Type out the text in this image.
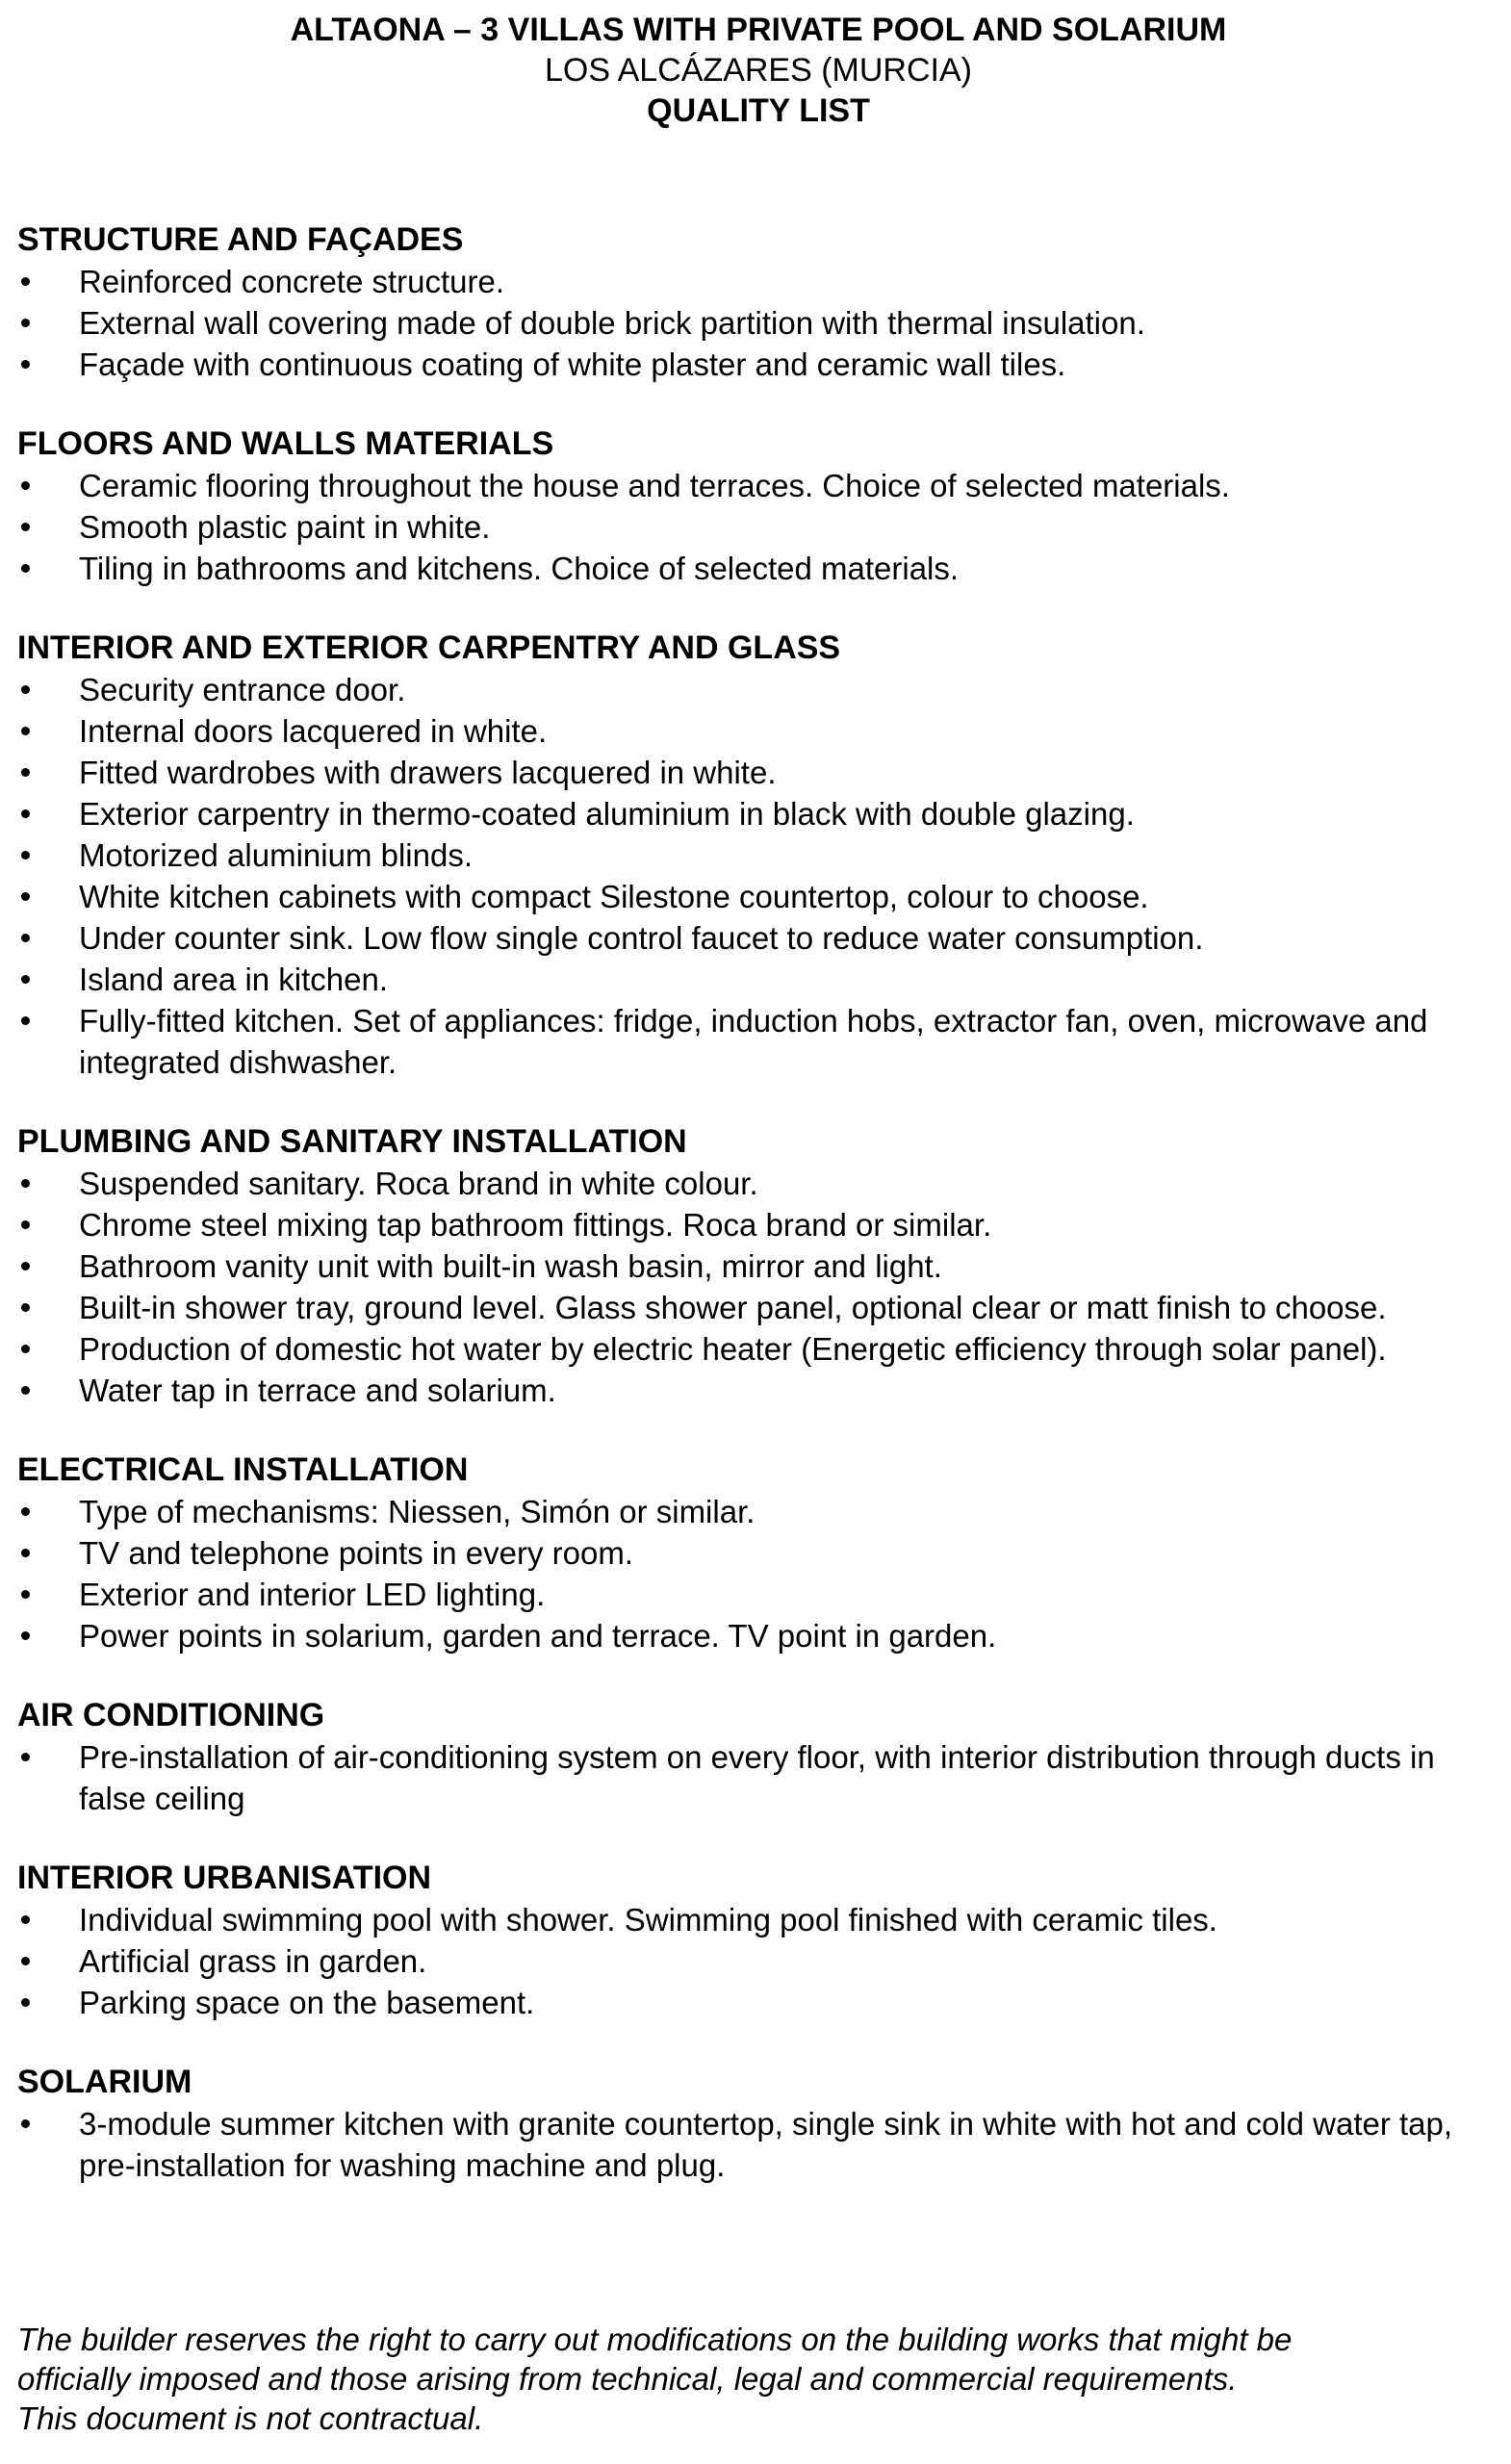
ALTAONA – 3 VILLAS WITH PRIVATE POOL AND SOLARIUM
LOS ALCÁZARES (MURCIA)
QUALITY LIST
STRUCTURE AND FAÇADES
Reinforced concrete structure.
External wall covering made of double brick partition with thermal insulation.
Façade with continuous coating of white plaster and ceramic wall tiles.
FLOORS AND WALLS MATERIALS
Ceramic flooring throughout the house and terraces. Choice of selected materials.
Smooth plastic paint in white.
Tiling in bathrooms and kitchens. Choice of selected materials.
INTERIOR AND EXTERIOR CARPENTRY AND GLASS
Security entrance door.
Internal doors lacquered in white.
Fitted wardrobes with drawers lacquered in white.
Exterior carpentry in thermo-coated aluminium in black with double glazing.
Motorized aluminium blinds.
White kitchen cabinets with compact Silestone countertop, colour to choose.
Under counter sink. Low flow single control faucet to reduce water consumption.
Island area in kitchen.
Fully-fitted kitchen. Set of appliances: fridge, induction hobs, extractor fan, oven, microwave and integrated dishwasher.
PLUMBING AND SANITARY INSTALLATION
Suspended sanitary. Roca brand in white colour.
Chrome steel mixing tap bathroom fittings. Roca brand or similar.
Bathroom vanity unit with built-in wash basin, mirror and light.
Built-in shower tray, ground level. Glass shower panel, optional clear or matt finish to choose.
Production of domestic hot water by electric heater (Energetic efficiency through solar panel).
Water tap in terrace and solarium.
ELECTRICAL INSTALLATION
Type of mechanisms: Niessen, Simón or similar.
TV and telephone points in every room.
Exterior and interior LED lighting.
Power points in solarium, garden and terrace. TV point in garden.
AIR CONDITIONING
Pre-installation of air-conditioning system on every floor, with interior distribution through ducts in false ceiling
INTERIOR URBANISATION
Individual swimming pool with shower. Swimming pool finished with ceramic tiles.
Artificial grass in garden.
Parking space on the basement.
SOLARIUM
3-module summer kitchen with granite countertop, single sink in white with hot and cold water tap, pre-installation for washing machine and plug.
The builder reserves the right to carry out modifications on the building works that might be
officially imposed and those arising from technical, legal and commercial requirements.
This document is not contractual.
